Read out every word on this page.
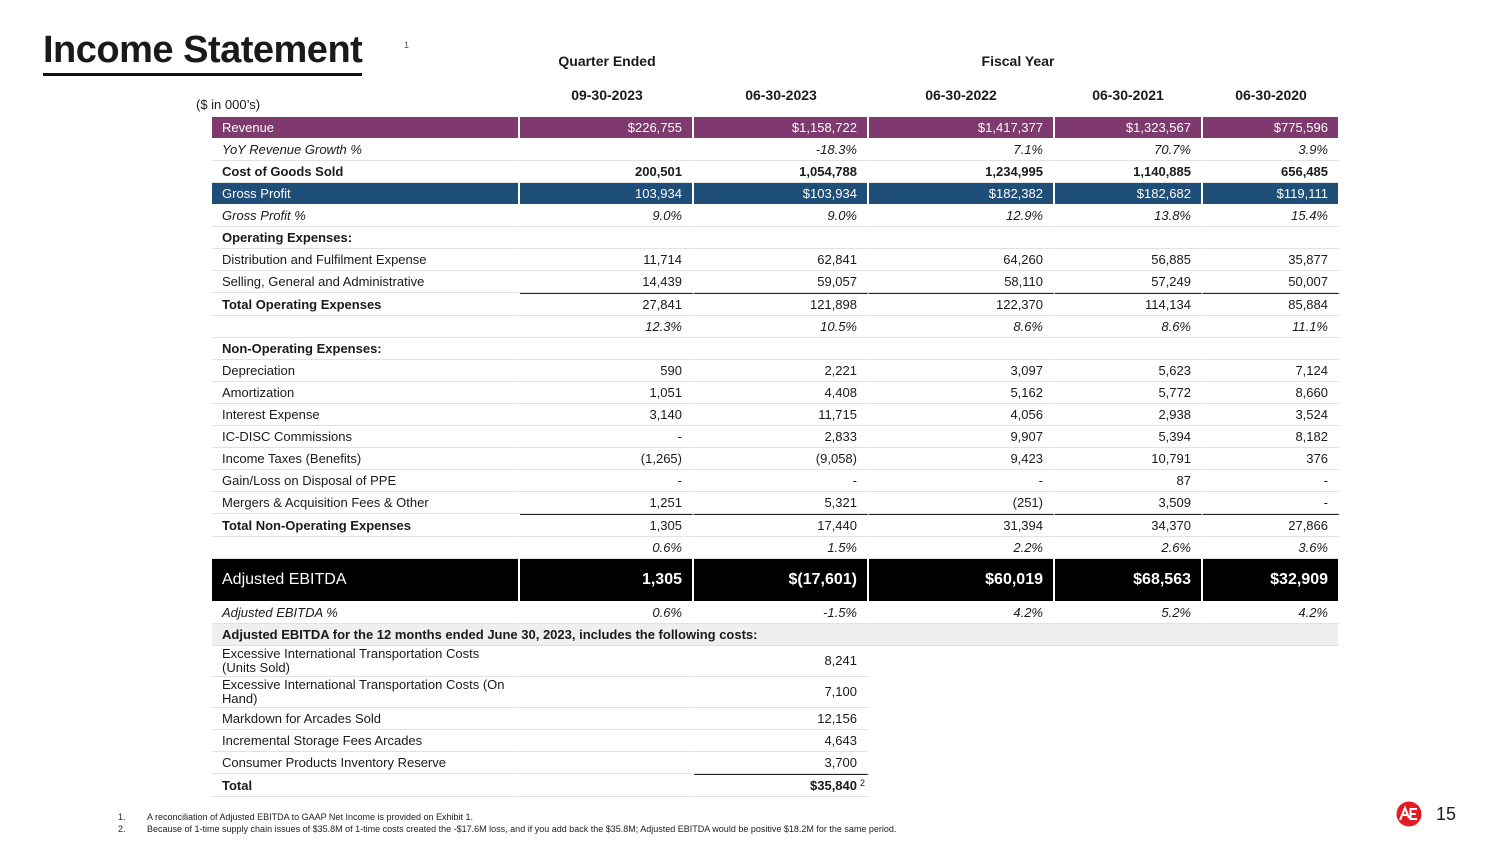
Income Statement	1
Quarter Ended	Fiscal Year
09-30-2023	06-30-2023	06-30-2022	06-30-2021	06-30-2020
($ in 000’s)
Revenue	$226,755	$1,158,722	$1,417,377	$1,323,567	$775,596
YoY Revenue Growth %		-18.3%	7.1%	70.7%	3.9%
Cost of Goods Sold	200,501	1,054,788	1,234,995	1,140,885	656,485
Gross Profit	103,934	$103,934	$182,382	$182,682	$119,111
Gross Profit %	9.0%	9.0%	12.9%	13.8%	15.4%
Operating Expenses:					
Distribution and Fulfilment Expense	11,714	62,841	64,260	56,885	35,877
Selling, General and Administrative	14,439	59,057	58,110	57,249	50,007
Total Operating Expenses	27,841	121,898	122,370	114,134	85,884
	12.3%	10.5%	8.6%	8.6%	11.1%
Non-Operating Expenses:					
Depreciation	590	2,221	3,097	5,623	7,124
Amortization	1,051	4,408	5,162	5,772	8,660
Interest Expense	3,140	11,715	4,056	2,938	3,524
IC-DISC Commissions	-	2,833	9,907	5,394	8,182
Income Taxes (Benefits)	(1,265)	(9,058)	9,423	10,791	376
Gain/Loss on Disposal of PPE	-	-	-	87	-
Mergers & Acquisition Fees & Other	1,251	5,321	(251)	3,509	-
Total Non-Operating Expenses	1,305	17,440	31,394	34,370	27,866
	0.6%	1.5%	2.2%	2.6%	3.6%
Adjusted EBITDA	1,305	$(17,601)	$60,019	$68,563	$32,909
Adjusted EBITDA %	0.6%	-1.5%	4.2%	5.2%	4.2%
Adjusted EBITDA for the 12 months ended June 30, 2023, includes the following costs:					
Excessive International Transportation Costs (Units Sold)		8,241			
Excessive International Transportation Costs (On Hand)		7,100			
Markdown for Arcades Sold		12,156			
Incremental Storage Fees Arcades		4,643			
Consumer Products Inventory Reserve		3,700			
Total		$35,840 2			

1. A reconciliation of Adjusted EBITDA to GAAP Net Income is provided on Exhibit 1.
2. Because of 1-time supply chain issues of $35.8M of 1-time costs created the -$17.6M loss, and if you add back the $35.8M; Adjusted EBITDA would be positive $18.2M for the same period.
15
